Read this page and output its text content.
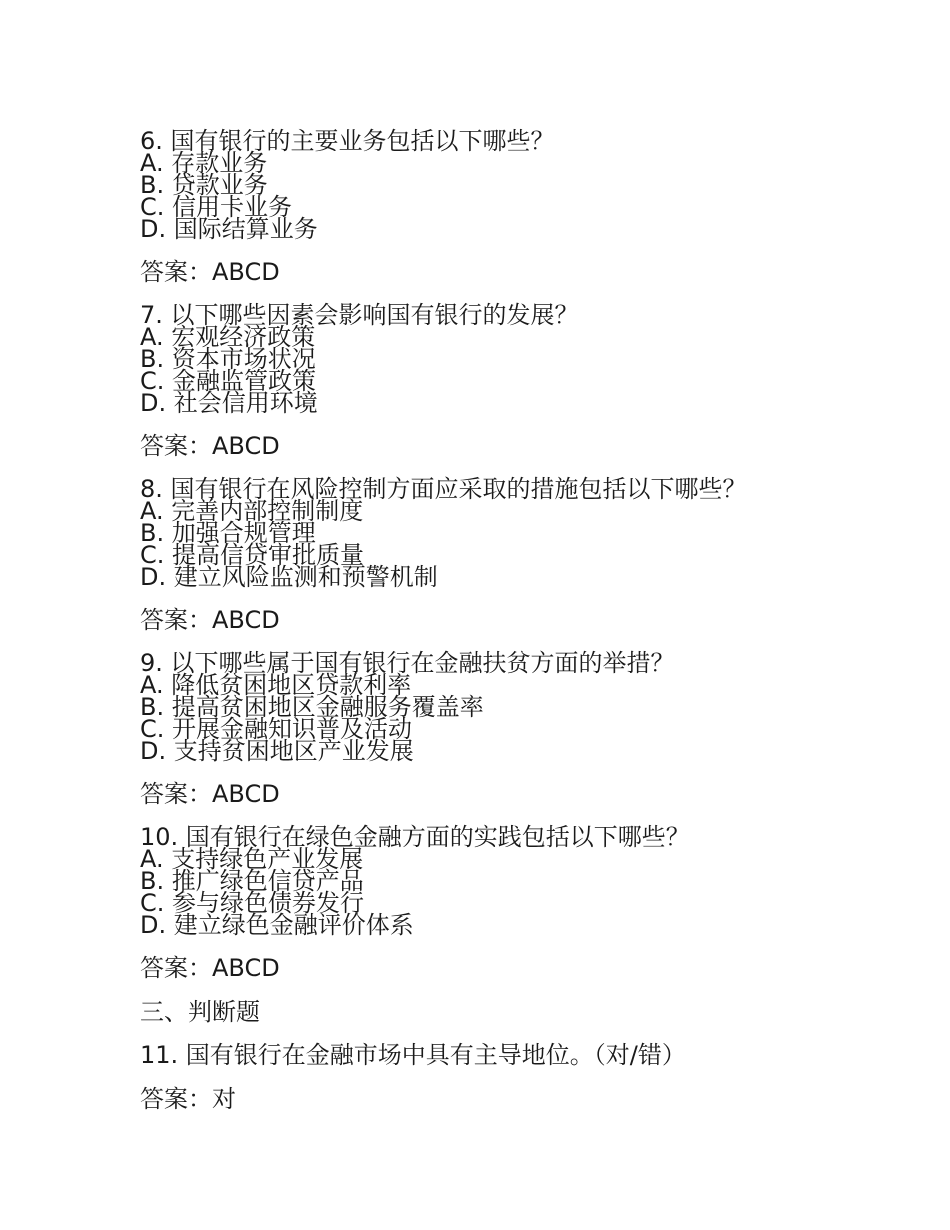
6. 国有银行的主要业务包括以下哪些？
A. 存款业务
B. 贷款业务
C. 信用卡业务
D. 国际结算业务
答案：ABCD
7. 以下哪些因素会影响国有银行的发展？
A. 宏观经济政策
B. 资本市场状况
C. 金融监管政策
D. 社会信用环境
答案：ABCD
8. 国有银行在风险控制方面应采取的措施包括以下哪些？
A. 完善内部控制制度
B. 加强合规管理
C. 提高信贷审批质量
D. 建立风险监测和预警机制
答案：ABCD
9. 以下哪些属于国有银行在金融扶贫方面的举措？
A. 降低贫困地区贷款利率
B. 提高贫困地区金融服务覆盖率
C. 开展金融知识普及活动
D. 支持贫困地区产业发展
答案：ABCD
10. 国有银行在绿色金融方面的实践包括以下哪些？
A. 支持绿色产业发展
B. 推广绿色信贷产品
C. 参与绿色债券发行
D. 建立绿色金融评价体系
答案：ABCD
三、判断题
11. 国有银行在金融市场中具有主导地位。（对/错）
答案：对
